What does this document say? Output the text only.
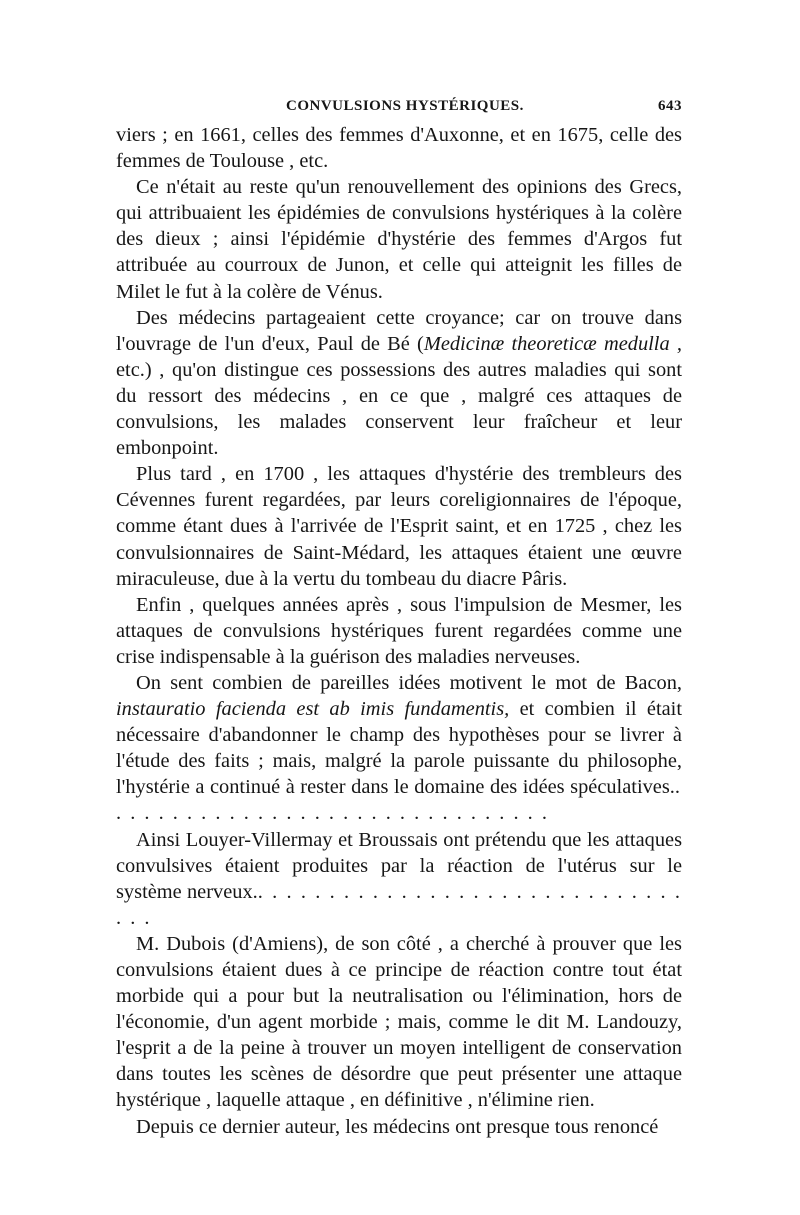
CONVULSIONS HYSTÉRIQUES.	643

viers ; en 1661, celles des femmes d'Auxonne, et en 1675, celle des femmes de Toulouse , etc.

Ce n'était au reste qu'un renouvellement des opinions des Grecs, qui attribuaient les épidémies de convulsions hystériques à la colère des dieux ; ainsi l'épidémie d'hystérie des femmes d'Argos fut attribuée au courroux de Junon, et celle qui atteignit les filles de Milet le fut à la colère de Vénus.

Des médecins partageaient cette croyance; car on trouve dans l'ouvrage de l'un d'eux, Paul de Bé (Medicinæ theoreticæ medulla , etc.) , qu'on distingue ces possessions des autres maladies qui sont du ressort des médecins , en ce que , malgré ces attaques de convulsions, les malades conservent leur fraîcheur et leur embonpoint.

Plus tard , en 1700 , les attaques d'hystérie des trembleurs des Cévennes furent regardées, par leurs coreligionnaires de l'époque, comme étant dues à l'arrivée de l'Esprit saint, et en 1725 , chez les convulsionnaires de Saint-Médard, les attaques étaient une œuvre miraculeuse, due à la vertu du tombeau du diacre Pâris.

Enfin , quelques années après , sous l'impulsion de Mesmer, les attaques de convulsions hystériques furent regardées comme une crise indispensable à la guérison des maladies nerveuses.

On sent combien de pareilles idées motivent le mot de Bacon, instauratio facienda est ab imis fundamentis, et combien il était nécessaire d'abandonner le champ des hypothèses pour se livrer à l'étude des faits ; mais, malgré la parole puissante du philosophe, l'hystérie a continué à rester dans le domaine des idées spéculatives.. . . . . . . . . . . . . . . . . . . . . . . . . . . . . . . .

Ainsi Louyer-Villermay et Broussais ont prétendu que les attaques convulsives étaient produites par la réaction de l'utérus sur le système nerveux.. . . . . . . . . . . . . . . . . . . . . . . . . . . . . . . . .

M. Dubois (d'Amiens), de son côté , a cherché à prouver que les convulsions étaient dues à ce principe de réaction contre tout état morbide qui a pour but la neutralisation ou l'élimination, hors de l'économie, d'un agent morbide ; mais, comme le dit M. Landouzy, l'esprit a de la peine à trouver un moyen intelligent de conservation dans toutes les scènes de désordre que peut présenter une attaque hystérique , laquelle attaque , en définitive , n'élimine rien.

Depuis ce dernier auteur, les médecins ont presque tous renoncé
